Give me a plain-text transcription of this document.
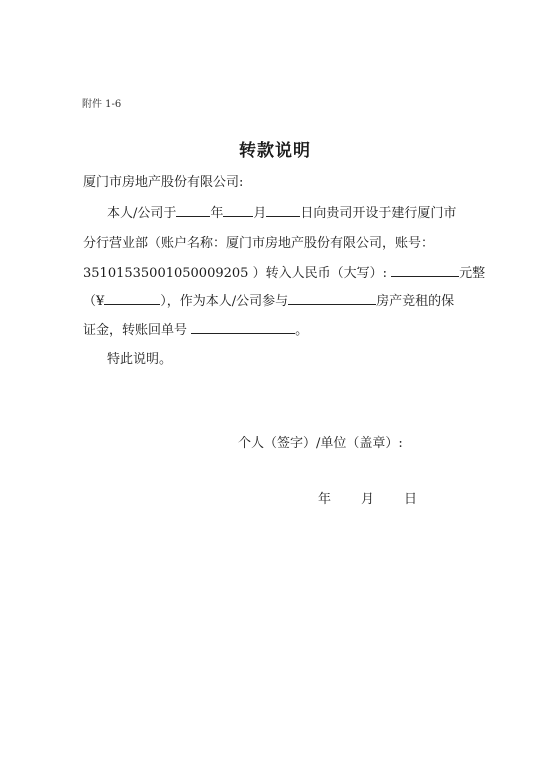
附件 1-6
转款说明
厦门市房地产股份有限公司:
本人/公司于	年 月	日向贵司开设于建行厦门市
分行营业部（账户名称：厦门市房地产股份有限公司，账号：
35101535001050009205 ）转入人民币（大写）:	元整
（¥	），作为本人/公司参与	房产竞租的保
证金，转账回单号	。
特此说明。
个人（签字）/单位（盖章）:
年 月 日
